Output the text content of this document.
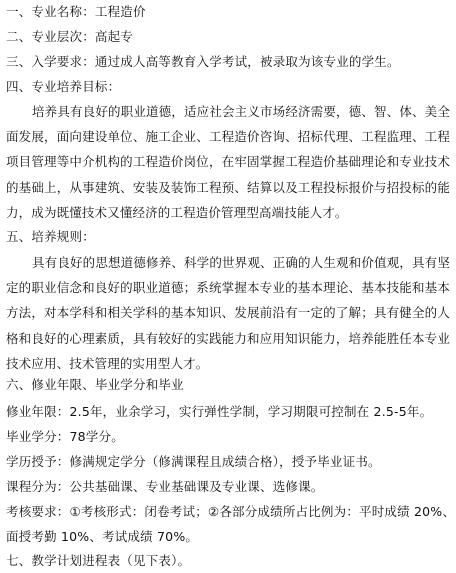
一、专业名称：工程造价

二、专业层次：高起专

三、入学要求：通过成人高等教育入学考试，被录取为该专业的学生。

四、专业培养目标：

培养具有良好的职业道德，适应社会主义市场经济需要，德、智、体、美全面发展，面向建设单位、施工企业、工程造价咨询、招标代理、工程监理、工程项目管理等中介机构的工程造价岗位，在牢固掌握工程造价基础理论和专业技术的基础上，从事建筑、安装及装饰工程预、结算以及工程投标报价与招投标的能力，成为既懂技术又懂经济的工程造价管理型高端技能人才。

五、培养规则：

具有良好的思想道德修养、科学的世界观、正确的人生观和价值观，具有坚定的职业信念和良好的职业道德；系统掌握本专业的基本理论、基本技能和基本方法，对本学科和相关学科的基本知识、发展前沿有一定的了解；具有健全的人格和良好的心理素质，具有较好的实践能力和应用知识能力，培养能胜任本专业技术应用、技术管理的实用型人才。

六、修业年限、毕业学分和毕业

修业年限：2.5年，业余学习，实行弹性学制，学习期限可控制在 2.5-5年。

毕业学分：78学分。

学历授予：修满规定学分（修满课程且成绩合格），授予毕业证书。

课程分为：公共基础课、专业基础课及专业课、选修课。

考核要求：①考核形式：闭卷考试；②各部分成绩所占比例为：平时成绩 20%、

面授考勤 10%、考试成绩 70%。

七、教学计划进程表（见下表）。
